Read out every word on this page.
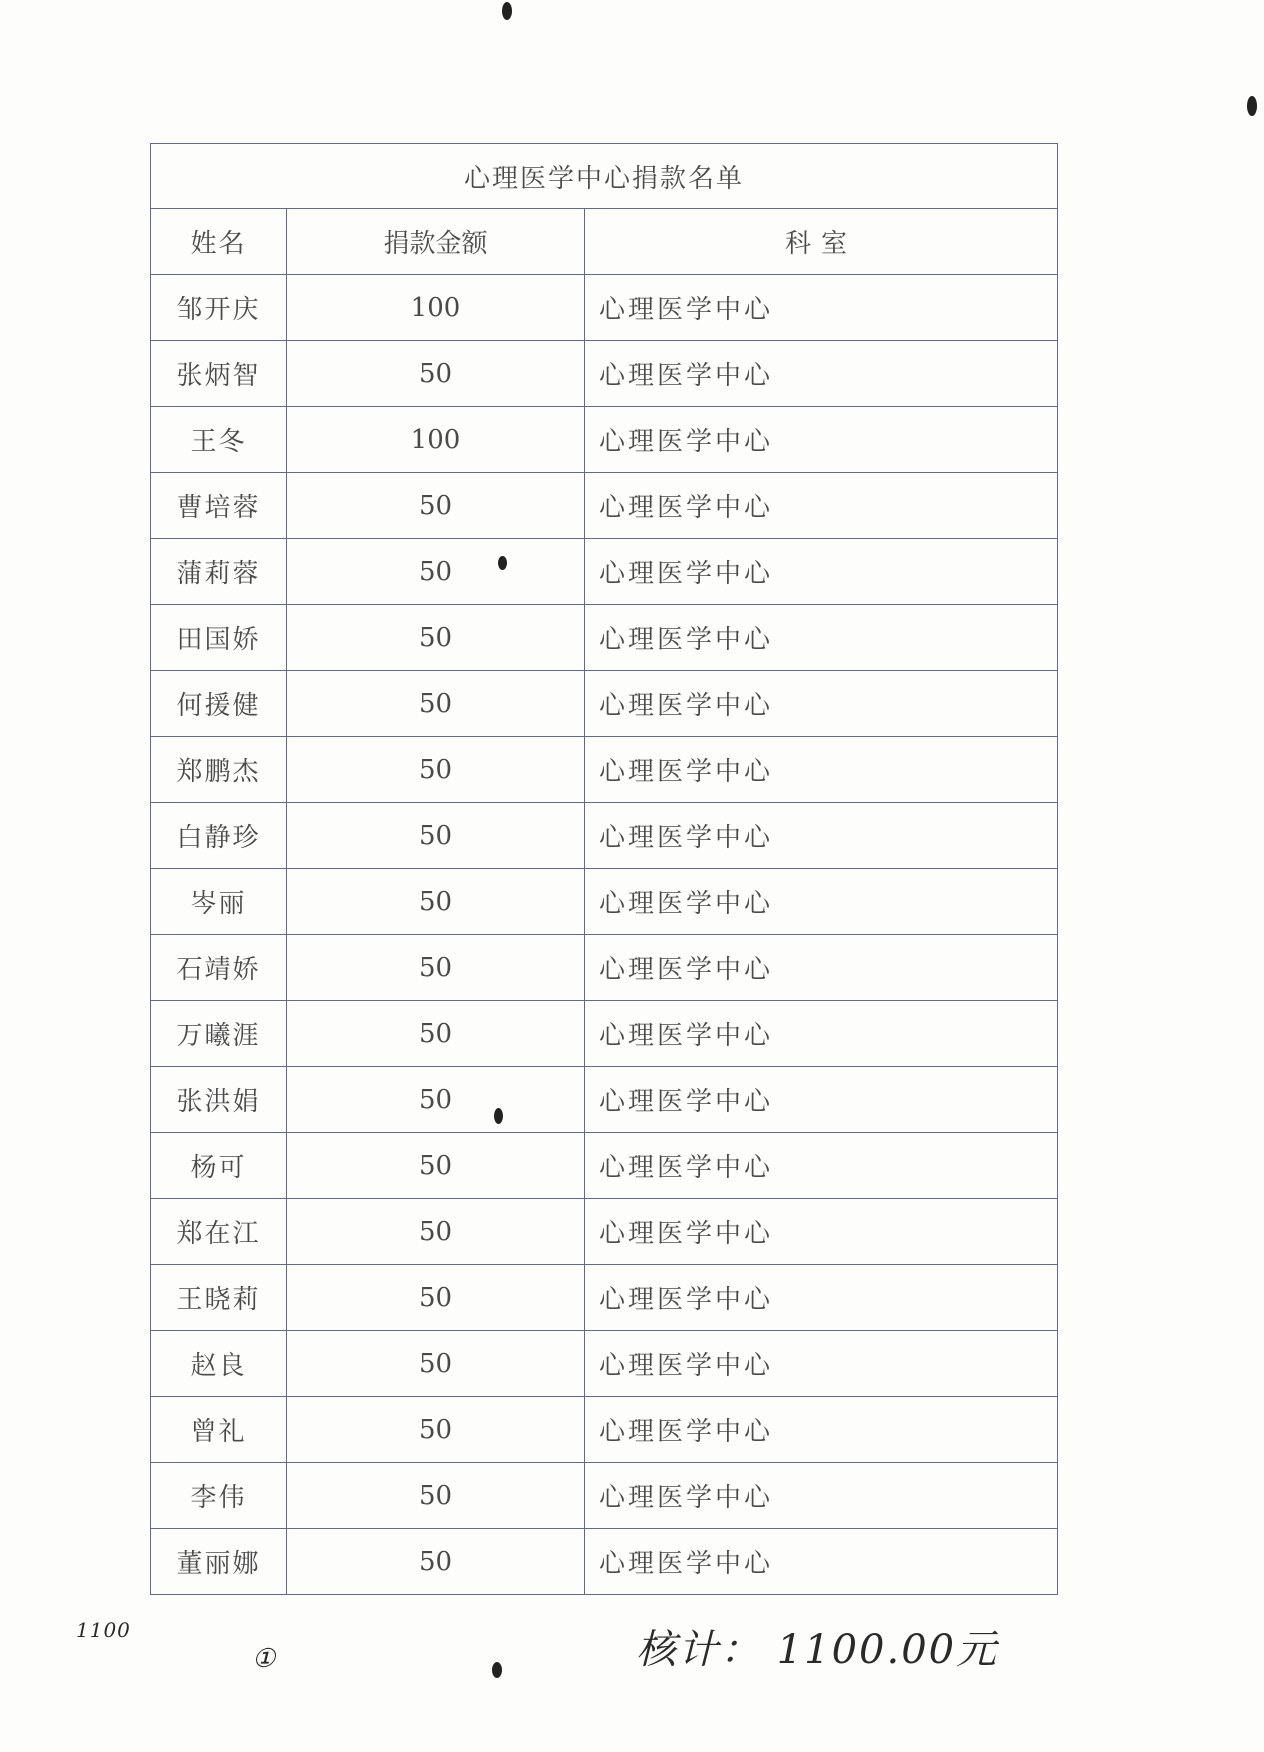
心理医学中心捐款名单		
姓名	捐款金额	科室
邹开庆	100	心理医学中心
张炳智	50	心理医学中心
王冬	100	心理医学中心
曹培蓉	50	心理医学中心
蒲莉蓉	50	心理医学中心
田国娇	50	心理医学中心
何援健	50	心理医学中心
郑鹏杰	50	心理医学中心
白静珍	50	心理医学中心
岑丽	50	心理医学中心
石靖娇	50	心理医学中心
万曦涯	50	心理医学中心
张洪娟	50	心理医学中心
杨可	50	心理医学中心
郑在江	50	心理医学中心
王晓莉	50	心理医学中心
赵良	50	心理医学中心
曾礼	50	心理医学中心
李伟	50	心理医学中心
董丽娜	50	心理医学中心
1100
①	核计： 1100.00元
